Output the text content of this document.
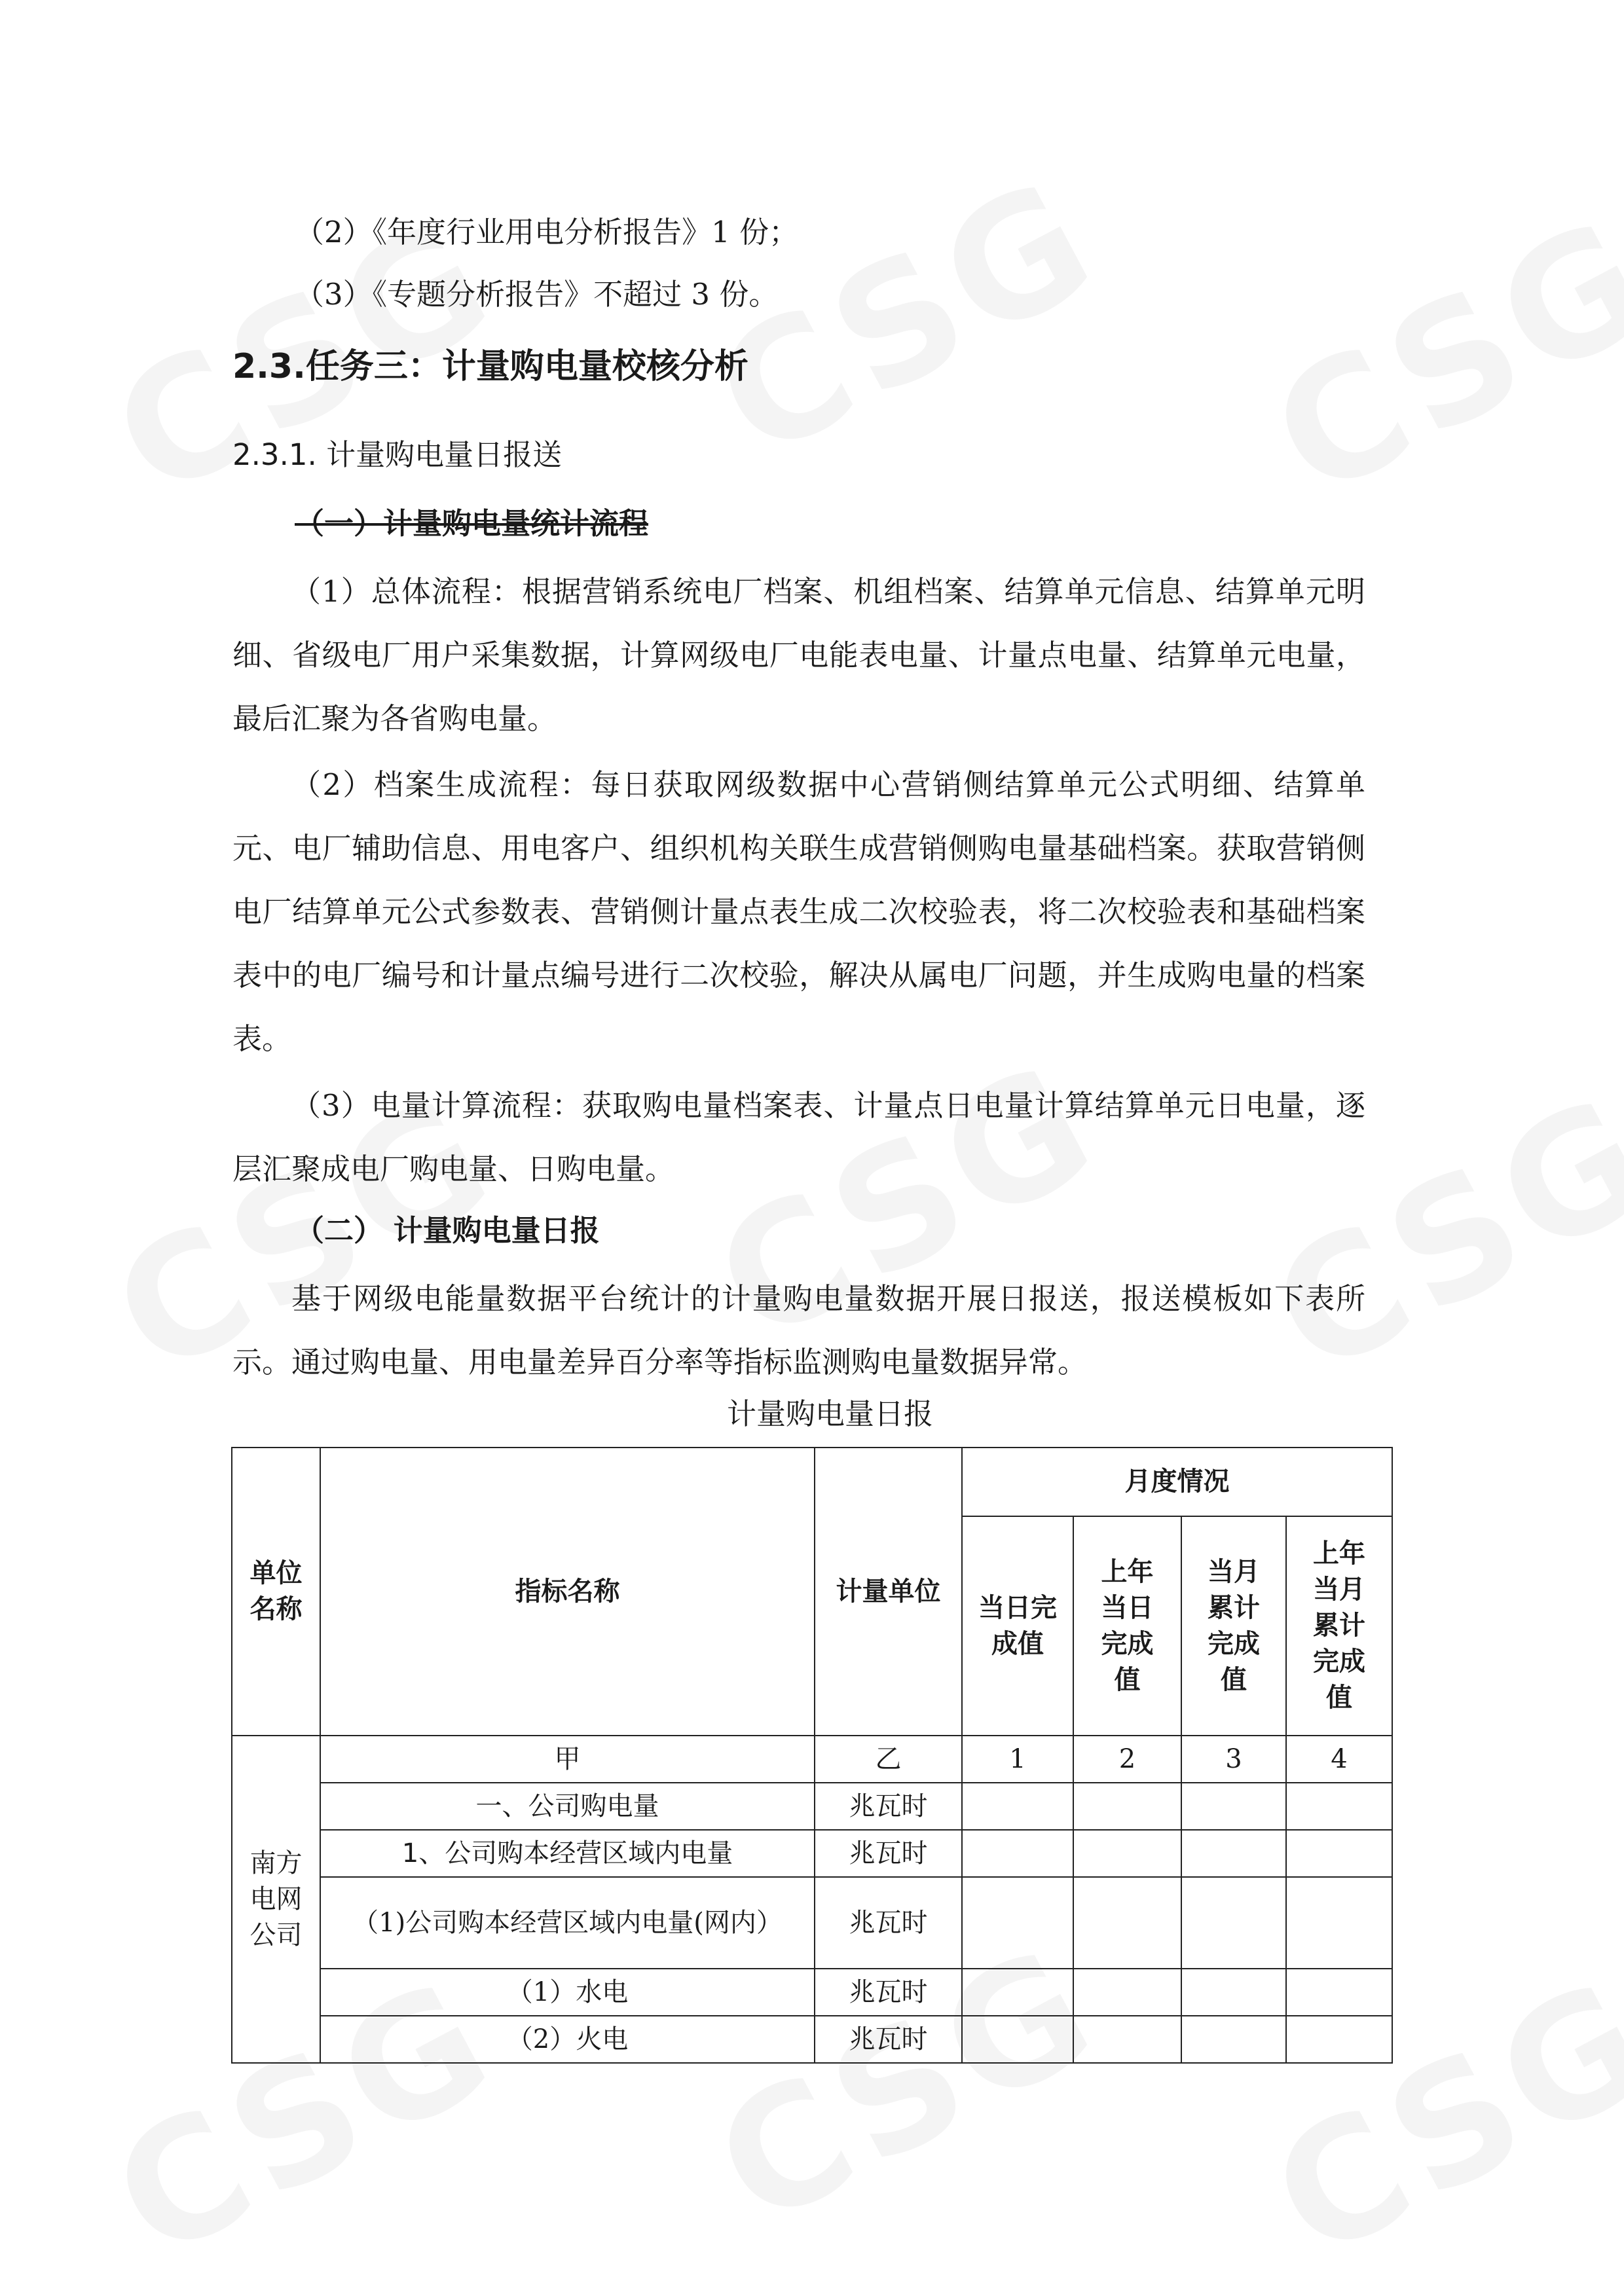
（2）《年度行业用电分析报告》1 份；
（3）《专题分析报告》不超过 3 份。
2.3.任务三：计量购电量校核分析
2.3.1. 计量购电量日报送
（一）计量购电量统计流程
（1）总体流程：根据营销系统电厂档案、机组档案、结算单元信息、结算单元明细、省级电厂用户采集数据，计算网级电厂电能表电量、计量点电量、结算单元电量，最后汇聚为各省购电量。
（2）档案生成流程：每日获取网级数据中心营销侧结算单元公式明细、结算单元、电厂辅助信息、用电客户、组织机构关联生成营销侧购电量基础档案。获取营销侧电厂结算单元公式参数表、营销侧计量点表生成二次校验表，将二次校验表和基础档案表中的电厂编号和计量点编号进行二次校验，解决从属电厂问题，并生成购电量的档案表。
（3）电量计算流程：获取购电量档案表、计量点日电量计算结算单元日电量，逐层汇聚成电厂购电量、日购电量。
（二） 计量购电量日报
基于网级电能量数据平台统计的计量购电量数据开展日报送，报送模板如下表所示。通过购电量、用电量差异百分率等指标监测购电量数据异常。
计量购电量日报
单位名称	指标名称	计量单位	月度情况			

			当日完成值	上年当日完成值	当月累计完成值	上年当月累计完成值

南方电网公司	甲	乙	1	2	3	4
	一、公司购电量	兆瓦时				
	1、公司购本经营区域内电量	兆瓦时				
	（1)公司购本经营区域内电量(网内）	兆瓦时				
	（1）水电	兆瓦时				
	（2）火电	兆瓦时				
